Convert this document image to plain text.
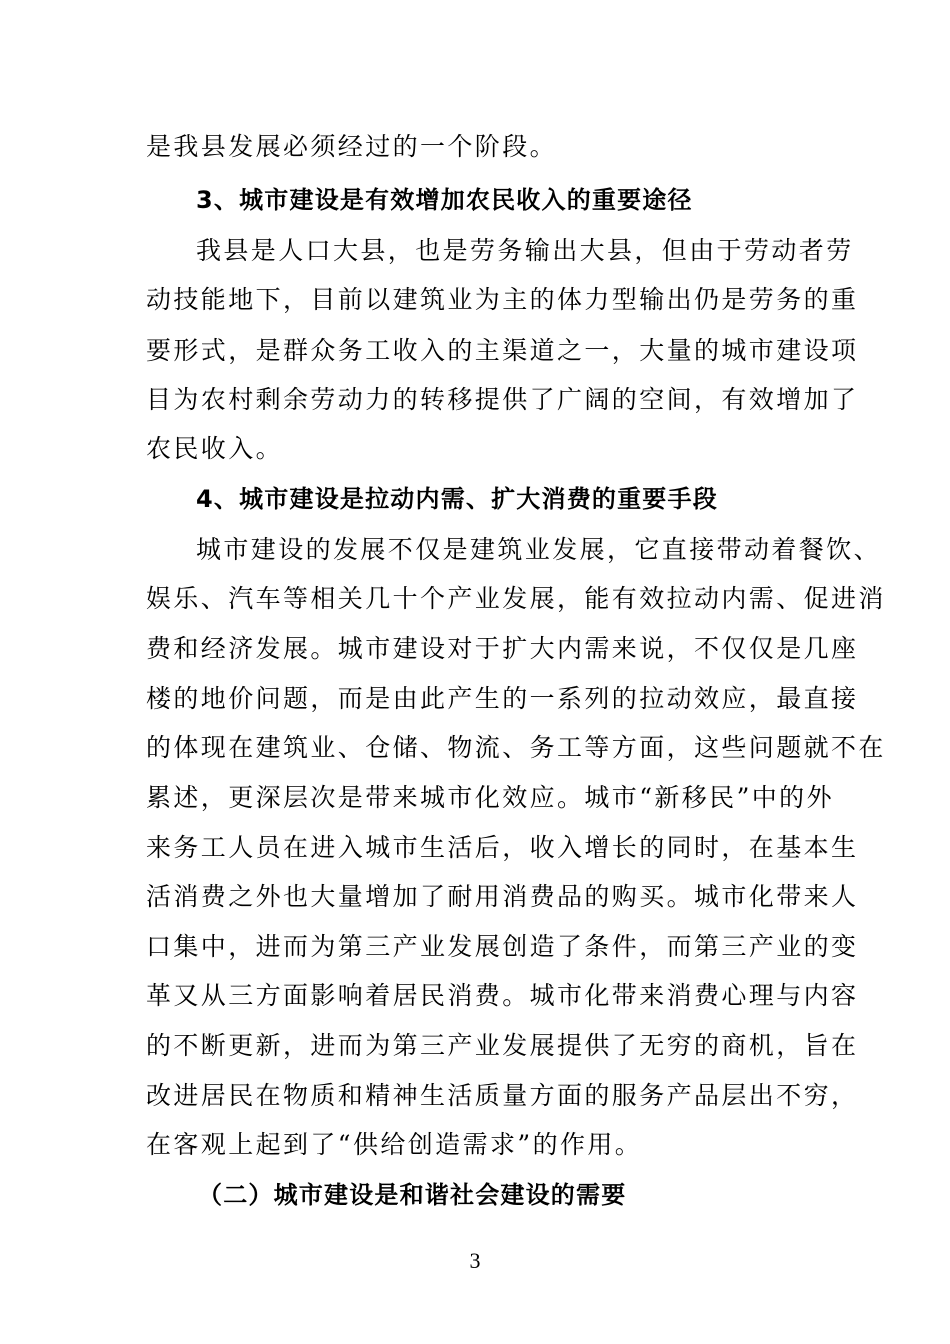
是我县发展必须经过的一个阶段。
3、城市建设是有效增加农民收入的重要途径
我县是人口大县，也是劳务输出大县，但由于劳动者劳
动技能地下，目前以建筑业为主的体力型输出仍是劳务的重
要形式，是群众务工收入的主渠道之一，大量的城市建设项
目为农村剩余劳动力的转移提供了广阔的空间，有效增加了
农民收入。
4、城市建设是拉动内需、扩大消费的重要手段
城市建设的发展不仅是建筑业发展，它直接带动着餐饮、
娱乐、汽车等相关几十个产业发展，能有效拉动内需、促进消
费和经济发展。城市建设对于扩大内需来说，不仅仅是几座
楼的地价问题，而是由此产生的一系列的拉动效应，最直接
的体现在建筑业、仓储、物流、务工等方面，这些问题就不在
累述，更深层次是带来城市化效应。城市“新移民”中的外
来务工人员在进入城市生活后，收入增长的同时，在基本生
活消费之外也大量增加了耐用消费品的购买。城市化带来人
口集中，进而为第三产业发展创造了条件，而第三产业的变
革又从三方面影响着居民消费。城市化带来消费心理与内容
的不断更新，进而为第三产业发展提供了无穷的商机，旨在
改进居民在物质和精神生活质量方面的服务产品层出不穷，
在客观上起到了“供给创造需求”的作用。
（二）城市建设是和谐社会建设的需要
3
